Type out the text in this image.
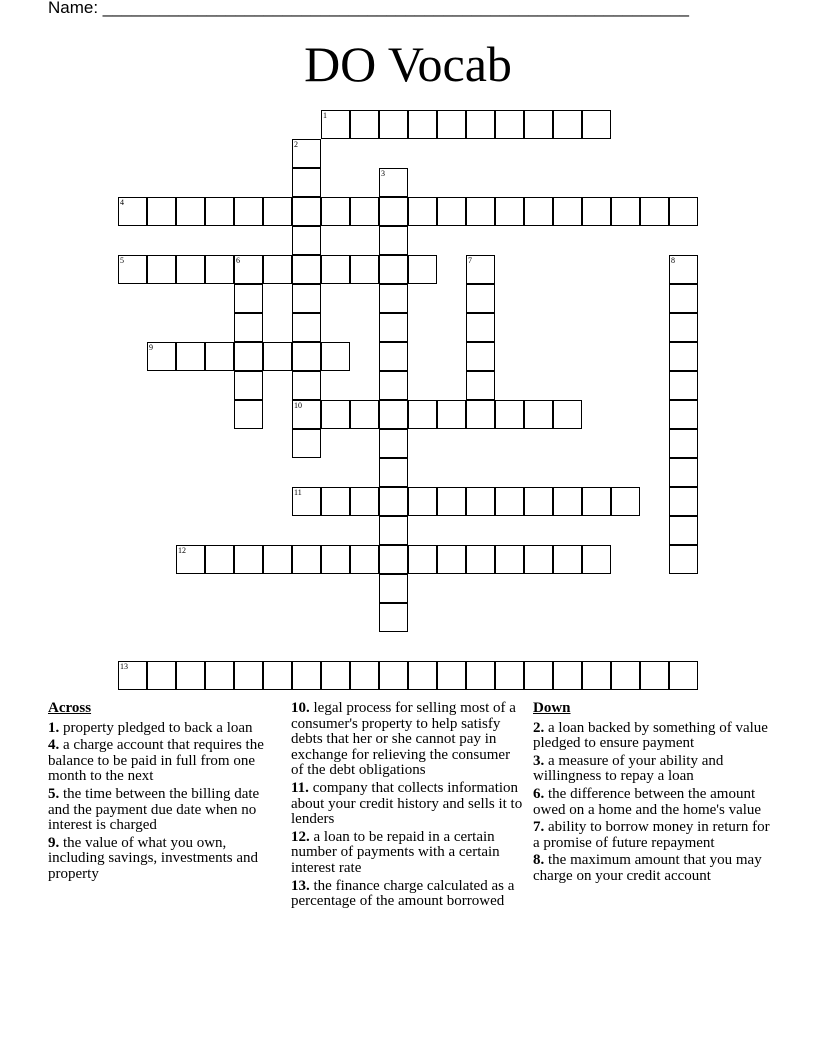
Name: ______________________________________________________________
DO Vocab
1
2
10
3
4
5	6	7	8
9
11
12
13
Across
1. property pledged to back a loan
4. a charge account that requires the balance to be paid in full from one month to the next
5. the time between the billing date and the payment due date when no interest is charged
9. the value of what you own, including savings, investments and property
10. legal process for selling most of a consumer's property to help satisfy debts that her or she cannot pay in exchange for relieving the consumer of the debt obligations
11. company that collects information about your credit history and sells it to lenders
12. a loan to be repaid in a certain number of payments with a certain interest rate
13. the finance charge calculated as a percentage of the amount borrowed
Down
2. a loan backed by something of value pledged to ensure payment
3. a measure of your ability and willingness to repay a loan
6. the difference between the amount owed on a home and the home's value
7. ability to borrow money in return for a promise of future repayment
8. the maximum amount that you may charge on your credit account
